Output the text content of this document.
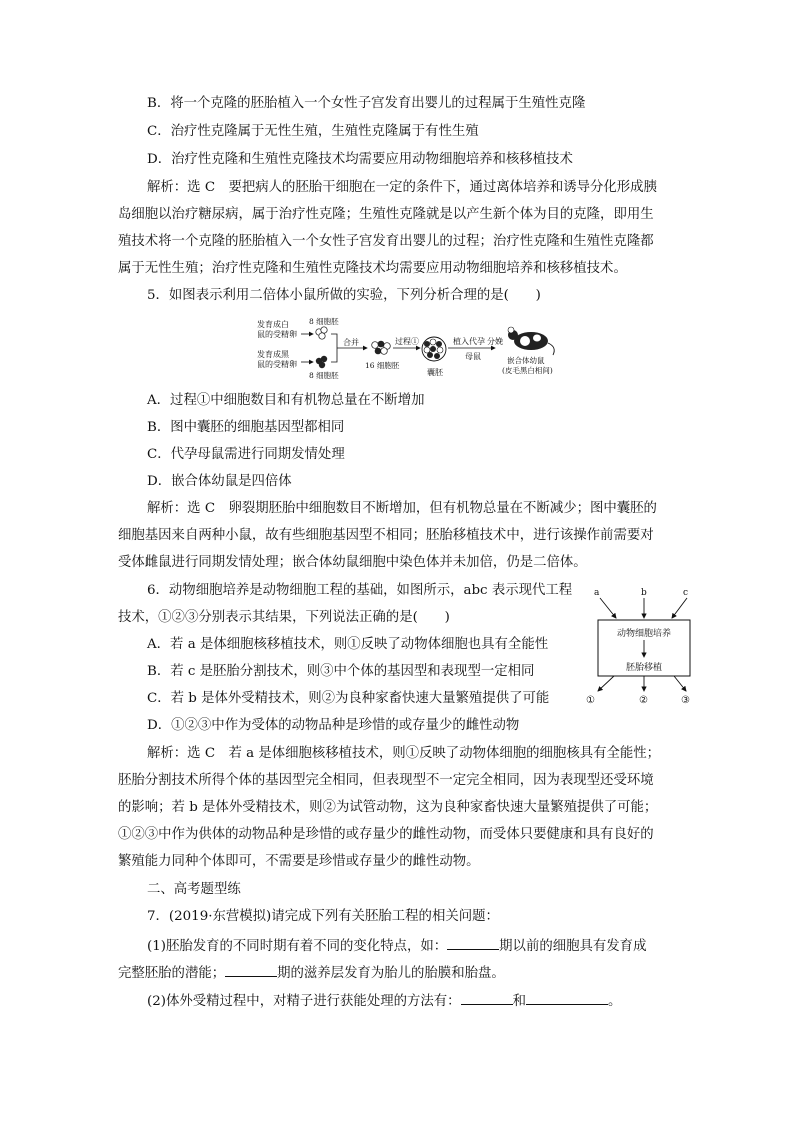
B．将一个克隆的胚胎植入一个女性子宫发育出婴儿的过程属于生殖性克隆
C．治疗性克隆属于无性生殖，生殖性克隆属于有性生殖
D．治疗性克隆和生殖性克隆技术均需要应用动物细胞培养和核移植技术
解析：选 C　要把病人的胚胎干细胞在一定的条件下，通过离体培养和诱导分化形成胰
岛细胞以治疗糖尿病，属于治疗性克隆；生殖性克隆就是以产生新个体为目的克隆，即用生
殖技术将一个克隆的胚胎植入一个女性子宫发育出婴儿的过程；治疗性克隆和生殖性克隆都
属于无性生殖；治疗性克隆和生殖性克隆技术均需要应用动物细胞培养和核移植技术。
5．如图表示利用二倍体小鼠所做的实验，下列分析合理的是(　　)
发育成白
鼠的受精卵
8 细胞胚
发育成黑
鼠的受精卵
8 细胞胚
合并
16 细胞胚
过程①
囊胚
植入代孕
母鼠
分娩
嵌合体幼鼠
(皮毛黑白相间)
A．过程①中细胞数目和有机物总量在不断增加
B．图中囊胚的细胞基因型都相同
C．代孕母鼠需进行同期发情处理
D．嵌合体幼鼠是四倍体
解析：选 C　卵裂期胚胎中细胞数目不断增加，但有机物总量在不断减少；图中囊胚的
细胞基因来自两种小鼠，故有些细胞基因型不相同；胚胎移植技术中，进行该操作前需要对
受体雌鼠进行同期发情处理；嵌合体幼鼠细胞中染色体并未加倍，仍是二倍体。
6．动物细胞培养是动物细胞工程的基础，如图所示，abc 表示现代工程
技术，①②③分别表示其结果，下列说法正确的是(　　)
A．若 a 是体细胞核移植技术，则①反映了动物体细胞也具有全能性
B．若 c 是胚胎分割技术，则③中个体的基因型和表现型一定相同
C．若 b 是体外受精技术，则②为良种家畜快速大量繁殖提供了可能
D．①②③中作为受体的动物品种是珍惜的或存量少的雌性动物
a	b	c
动物细胞培养
胚胎移植
①	②	③
解析：选 C　若 a 是体细胞核移植技术，则①反映了动物体细胞的细胞核具有全能性；
胚胎分割技术所得个体的基因型完全相同，但表现型不一定完全相同，因为表现型还受环境
的影响；若 b 是体外受精技术，则②为试管动物，这为良种家畜快速大量繁殖提供了可能；
①②③中作为供体的动物品种是珍惜的或存量少的雌性动物，而受体只要健康和具有良好的
繁殖能力同种个体即可，不需要是珍惜或存量少的雌性动物。
二、高考题型练
7．(2019·东营模拟)请完成下列有关胚胎工程的相关问题：
(1)胚胎发育的不同时期有着不同的变化特点，如：	期以前的细胞具有发育成
完整胚胎的潜能；	期的滋养层发育为胎儿的胎膜和胎盘。
(2)体外受精过程中，对精子进行获能处理的方法有：	和	。
